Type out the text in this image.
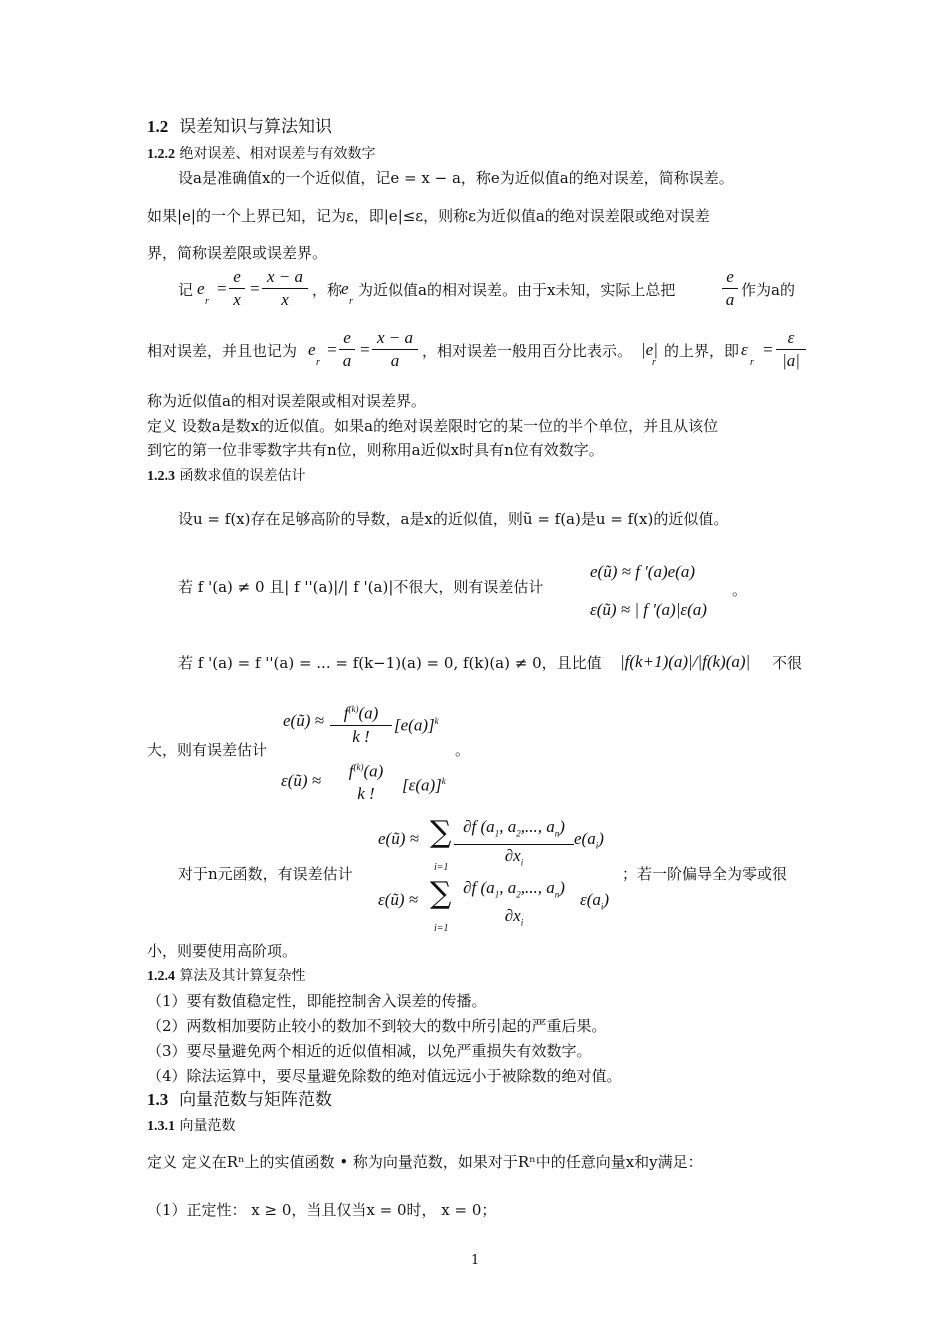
1.2 误差知识与算法知识
1.2.2 绝对误差、相对误差与有效数字
设a是准确值x的一个近似值，记e = x − a，称e为近似值a的绝对误差，简称误差。
如果|e|的一个上界已知，记为ε，即|e|≤ε，则称ε为近似值a的绝对误差限或绝对误差
界，简称误差限或误差界。
记 e
r
=
e
x
=
x − a
x	，称
e
r
为近似值a的相对误差。由于x未知，实际上总把
e
a 作为a的
相对误差，并且也记为 e
r
=
e
a
=
x − a
a	，相对误差一般用百分比表示。 |e|
r
的上界，即 ε
r
=
ε
|a|
称为近似值a的相对误差限或相对误差界。
定义 设数a是数x的近似值。如果a的绝对误差限时它的某一位的半个单位，并且从该位
到它的第一位非零数字共有n位，则称用a近似x时具有n位有效数字。
1.2.3 函数求值的误差估计
设u = f(x)存在足够高阶的导数，a是x的近似值，则ũ = f(a)是u = f(x)的近似值。
若 f '(a) ≠ 0 且| f ''(a)|/| f '(a)|不很大，则有误差估计
e(ũ) ≈ f '(a)e(a)
ε(ũ) ≈ | f '(a)|ε(a)
。
若 f '(a) = f ''(a) = ... = f(k−1)(a) = 0, f(k)(a) ≠ 0，且比值 |f(k+1)(a)|/|f(k)(a)| 不很
e(ũ) ≈	$f^{(k)}(a)$
k !
$[e(a)]^k$
大，则有误差估计	。
ε(ũ) ≈	$f^{(k)}(a)$
k !	$[\varepsilon(a)]^k$
e(ũ) ≈ ∑
i=1
∂f ($a_1$, $a_2$,..., $a_n$)
$\partial x_i$
$e(a_i)$
对于n元函数，有误差估计	；若一阶偏导全为零或很
ε(ũ) ≈ ∑
i=1
∂f ($a_1$, $a_2$,..., $a_n$)
$\partial x_i$
$\varepsilon(a_i)$
小，则要使用高阶项。
1.2.4 算法及其计算复杂性
（1）要有数值稳定性，即能控制舍入误差的传播。
（2）两数相加要防止较小的数加不到较大的数中所引起的严重后果。
（3）要尽量避免两个相近的近似值相减，以免严重损失有效数字。
（4）除法运算中，要尽量避免除数的绝对值远远小于被除数的绝对值。
1.3 向量范数与矩阵范数
1.3.1 向量范数
定义 定义在Rⁿ上的实值函数 • 称为向量范数，如果对于Rⁿ中的任意向量x和y满足：
（1）正定性： x ≥ 0，当且仅当x = 0时， x = 0；
1
